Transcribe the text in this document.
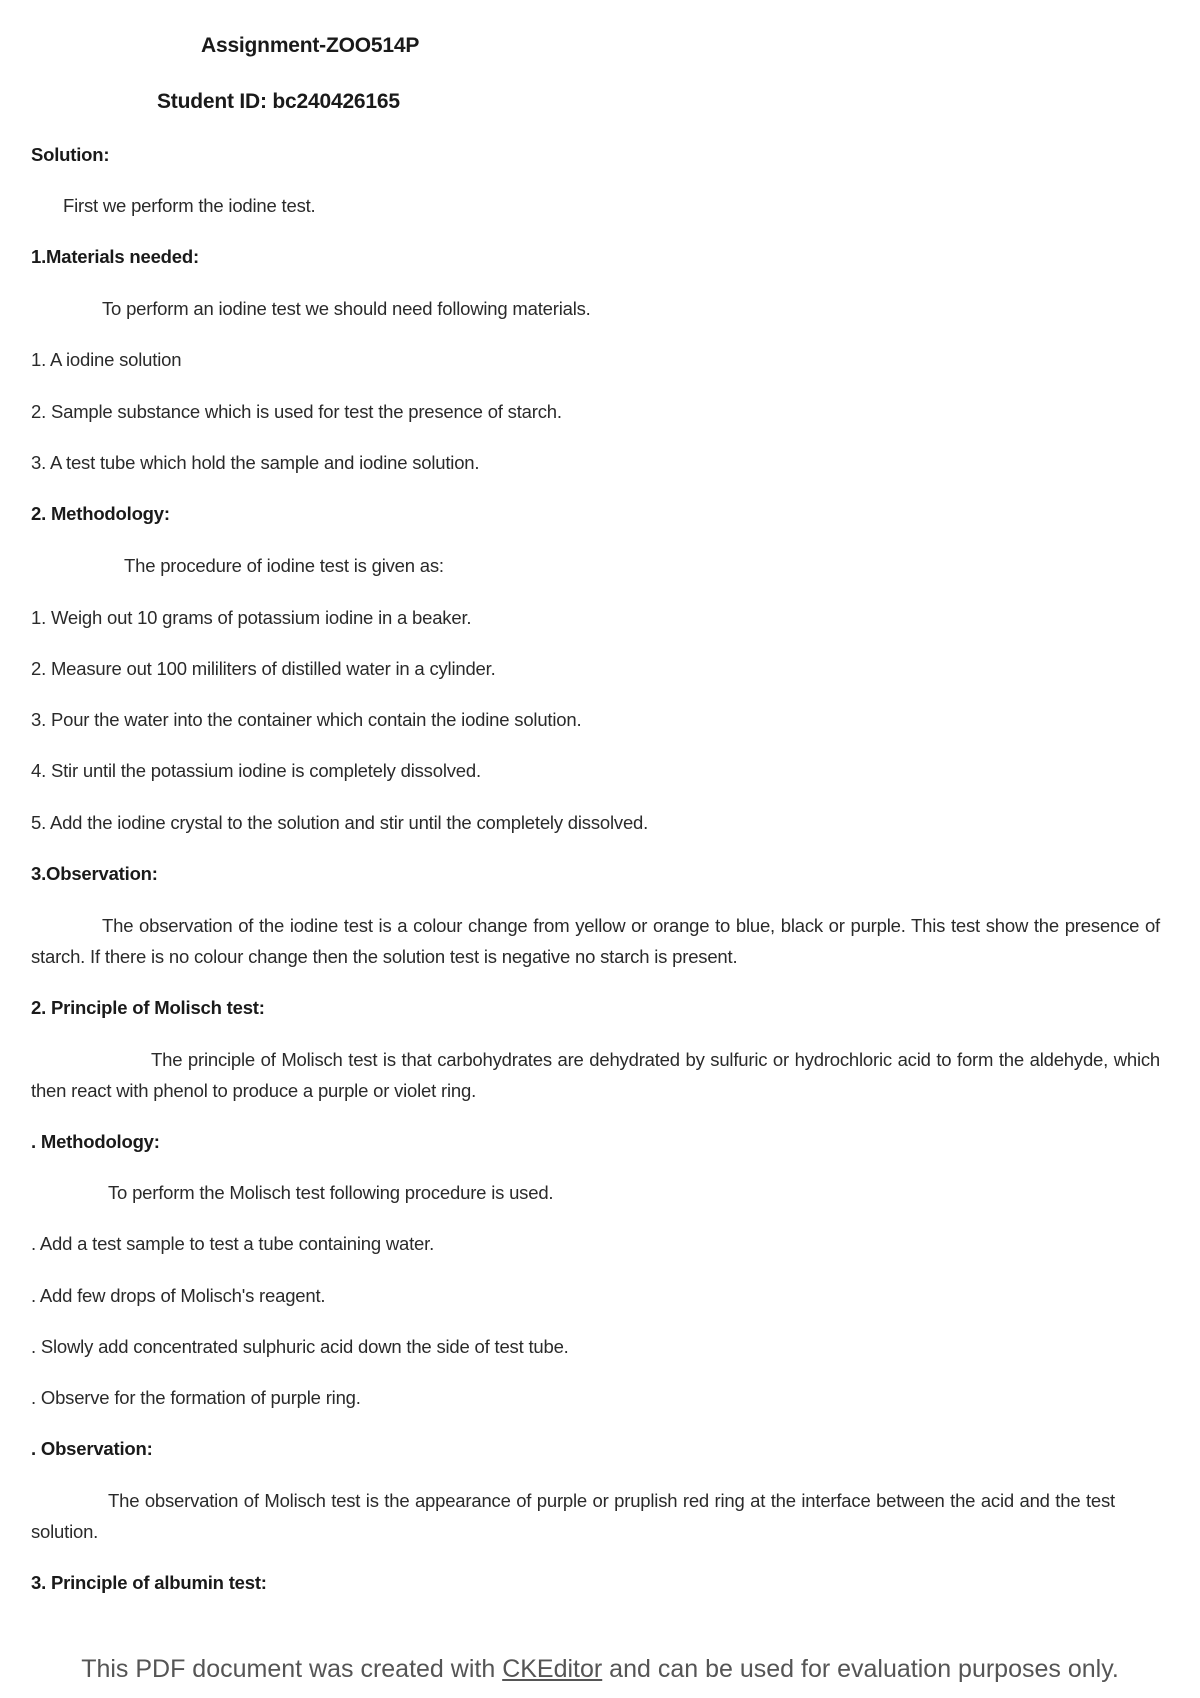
Assignment-ZOO514P
Student ID: bc240426165
Solution:
First we perform the iodine test.
1.Materials needed:
To perform an iodine test we should need following materials.
1. A iodine solution
2. Sample substance which is used for test the presence of starch.
3. A test tube which hold the sample and iodine solution.
2. Methodology:
The procedure of iodine test is given as:
1. Weigh out 10 grams of potassium iodine in a beaker.
2. Measure out 100 mililiters of distilled water in a cylinder.
3. Pour the water into the container which contain the iodine solution.
4. Stir until the potassium iodine is completely dissolved.
5. Add the iodine crystal to the solution and stir until the completely dissolved.
3.Observation:
The observation of the iodine test is a colour change from yellow or orange to blue, black or purple. This test show the presence of starch. If there is no colour change then the solution test is negative no starch is present.
2. Principle of Molisch test:
The principle of Molisch test is that carbohydrates are dehydrated by sulfuric or hydrochloric acid to form the aldehyde, which then react with phenol to produce a purple or violet ring.
. Methodology:
To perform the Molisch test following procedure is used.
. Add a test sample to test a tube containing water.
. Add few drops of Molisch's reagent.
. Slowly add concentrated sulphuric acid down the side of test tube.
. Observe for the formation of purple ring.
. Observation:
The observation of Molisch test is the appearance of purple or pruplish red ring at the interface between the acid and the test solution.
3. Principle of albumin test:
This PDF document was created with CKEditor and can be used for evaluation purposes only.
